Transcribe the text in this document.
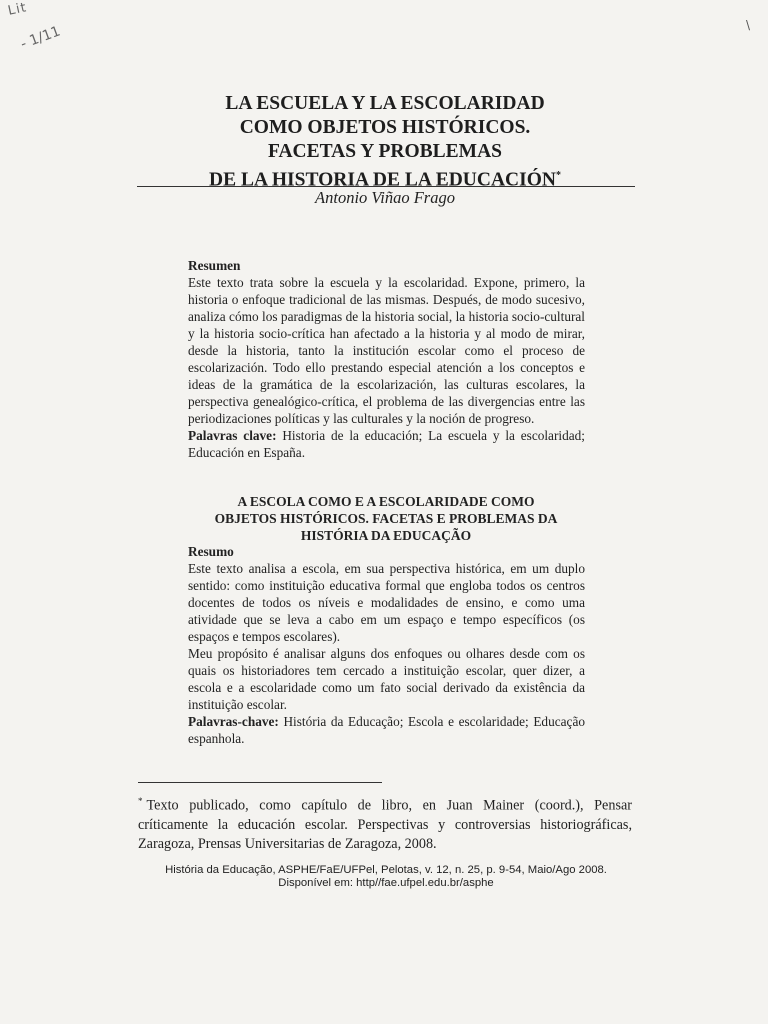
Lit
- 1/11	\
LA ESCUELA Y LA ESCOLARIDAD
COMO OBJETOS HISTÓRICOS.
FACETAS Y PROBLEMAS
DE LA HISTORIA DE LA EDUCACIÓN*
Antonio Viñao Frago

Resumen

Este texto trata sobre la escuela y la escolaridad. Expone, primero, la historia o enfoque tradicional de las mismas. Después, de modo sucesivo, analiza cómo los paradigmas de la historia social, la historia socio-cultural y la historia socio-crítica han afectado a la historia y al modo de mirar, desde la historia, tanto la institución escolar como el proceso de escolarización. Todo ello prestando especial atención a los conceptos e ideas de la gramática de la escolarización, las culturas escolares, la perspectiva genealógico-crítica, el problema de las divergencias entre las periodizaciones políticas y las culturales y la noción de progreso.

Palavras clave: Historia de la educación; La escuela y la escolaridad; Educación en España.

A ESCOLA COMO E A ESCOLARIDADE COMO
OBJETOS HISTÓRICOS. FACETAS E PROBLEMAS DA
HISTÓRIA DA EDUCAÇÃO

Resumo

Este texto analisa a escola, em sua perspectiva histórica, em um duplo sentido: como instituição educativa formal que engloba todos os centros docentes de todos os níveis e modalidades de ensino, e como uma atividade que se leva a cabo em um espaço e tempo específicos (os espaços e tempos escolares).

Meu propósito é analisar alguns dos enfoques ou olhares desde com os quais os historiadores tem cercado a instituição escolar, quer dizer, a escola e a escolaridade como um fato social derivado da existência da instituição escolar.

Palavras-chave: História da Educação; Escola e escolaridade; Educação espanhola.

* Texto publicado, como capítulo de libro, en Juan Mainer (coord.), Pensar críticamente la educación escolar. Perspectivas y controversias historiográficas, Zaragoza, Prensas Universitarias de Zaragoza, 2008.
História da Educação, ASPHE/FaE/UFPel, Pelotas, v. 12, n. 25, p. 9-54, Maio/Ago 2008.
Disponível em: http//fae.ufpel.edu.br/asphe
